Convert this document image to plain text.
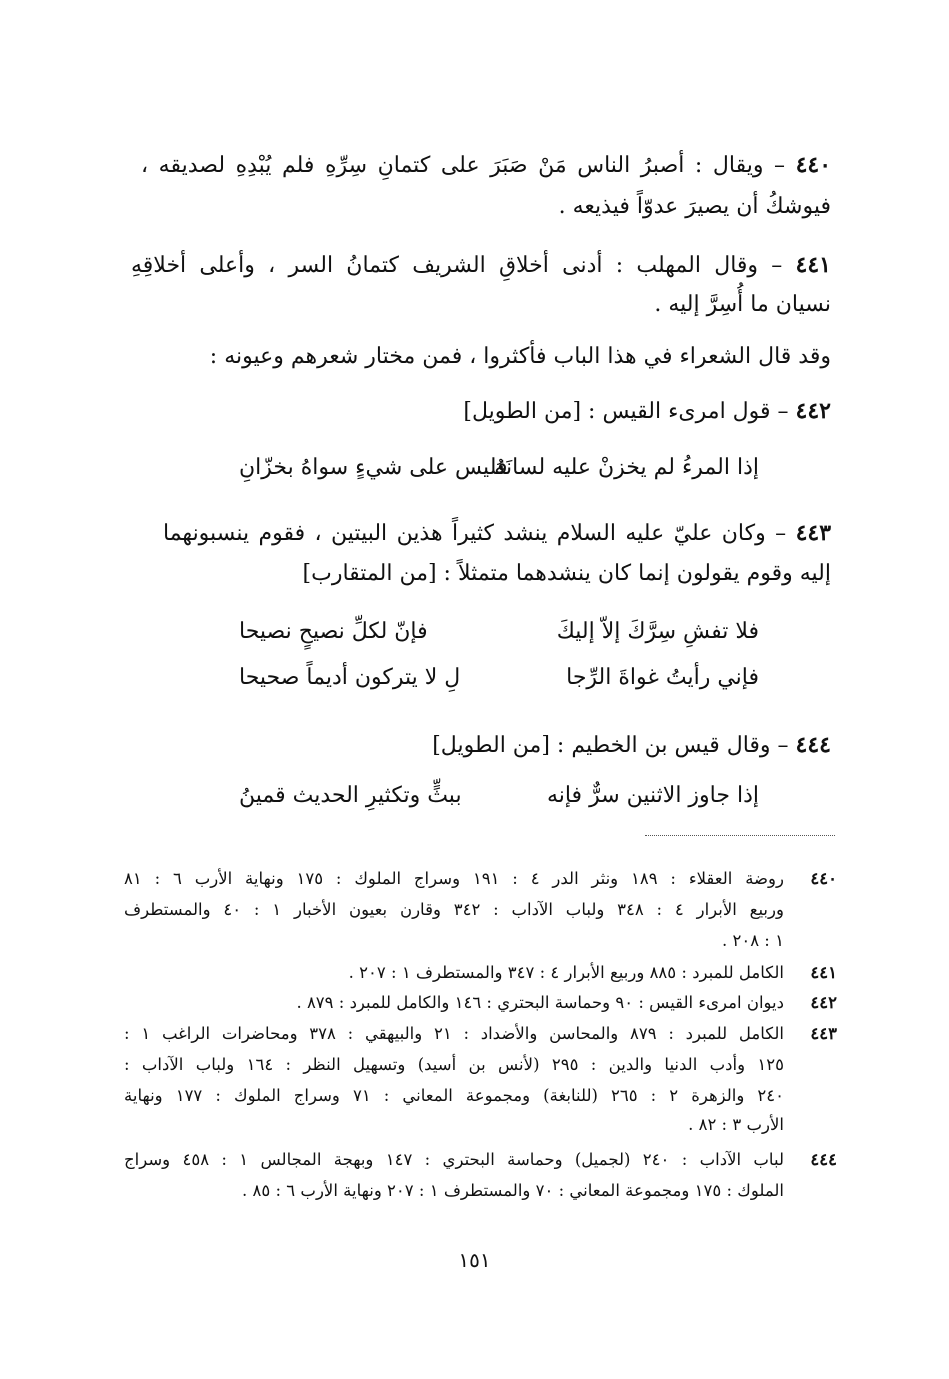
٤٤٠ – ويقال : أصبرُ الناس مَنْ صَبَرَ على كتمانِ سِرِّهِ فلم يُبْدِهِ لصديقه ،
فيوشكُ أن يصيرَ عدوّاً فيذيعه .
٤٤١ – وقال المهلب : أدنى أخلاقِ الشريف كتمانُ السر ، وأعلى أخلاقِهِ
نسيان ما أُسِرَّ إليه .
وقد قال الشعراء في هذا الباب فأكثروا ، فمن مختار شعرهم وعيونه :
٤٤٢ – قول امرىء القيس : [من الطويل]
إذا المرءُ لم يخزنْ عليه لسانَهُ
فليس على شيءٍ سواهُ بخزّانِ
٤٤٣ – وكان عليّ عليه السلام ينشد كثيراً هذين البيتين ، فقوم ينسبونهما
إليه وقوم يقولون إنما كان ينشدهما متمثلاً : [من المتقارب]
فلا تفشِ سِرَّكَ إلاّ إليكَ
فإنّ لكلِّ نصيحٍ نصيحا
فإني رأيتُ غواةَ الرِّجا
لِ لا يتركون أديماً صحيحا
٤٤٤ – وقال قيس بن الخطيم : [من الطويل]
إذا جاوز الاثنين سرٌّ فإنه
ببثٍّ وتكثيرِ الحديث قمينُ
٤٤٠
روضة العقلاء : ١٨٩ ونثر الدر ٤ : ١٩١ وسراج الملوك : ١٧٥ ونهاية الأرب ٦ : ٨١
وربيع الأبرار ٤ : ٣٤٨ ولباب الآداب : ٣٤٢ وقارن بعيون الأخبار ١ : ٤٠ والمستطرف
١ : ٢٠٨ .
٤٤١
الكامل للمبرد : ٨٨٥ وربيع الأبرار ٤ : ٣٤٧ والمستطرف ١ : ٢٠٧ .
٤٤٢
ديوان امرىء القيس : ٩٠ وحماسة البحتري : ١٤٦ والكامل للمبرد : ٨٧٩ .
٤٤٣
الكامل للمبرد : ٨٧٩ والمحاسن والأضداد : ٢١ والبيهقي : ٣٧٨ ومحاضرات الراغب ١ :
١٢٥ وأدب الدنيا والدين : ٢٩٥ (لأنس بن أسيد) وتسهيل النظر : ١٦٤ ولباب الآداب :
٢٤٠ والزهرة ٢ : ٢٦٥ (للنابغة) ومجموعة المعاني : ٧١ وسراج الملوك : ١٧٧ ونهاية
الأرب ٣ : ٨٢ .
٤٤٤
لباب الآداب : ٢٤٠ (لجميل) وحماسة البحتري : ١٤٧ وبهجة المجالس ١ : ٤٥٨ وسراج
الملوك : ١٧٥ ومجموعة المعاني : ٧٠ والمستطرف ١ : ٢٠٧ ونهاية الأرب ٦ : ٨٥ .
١٥١
